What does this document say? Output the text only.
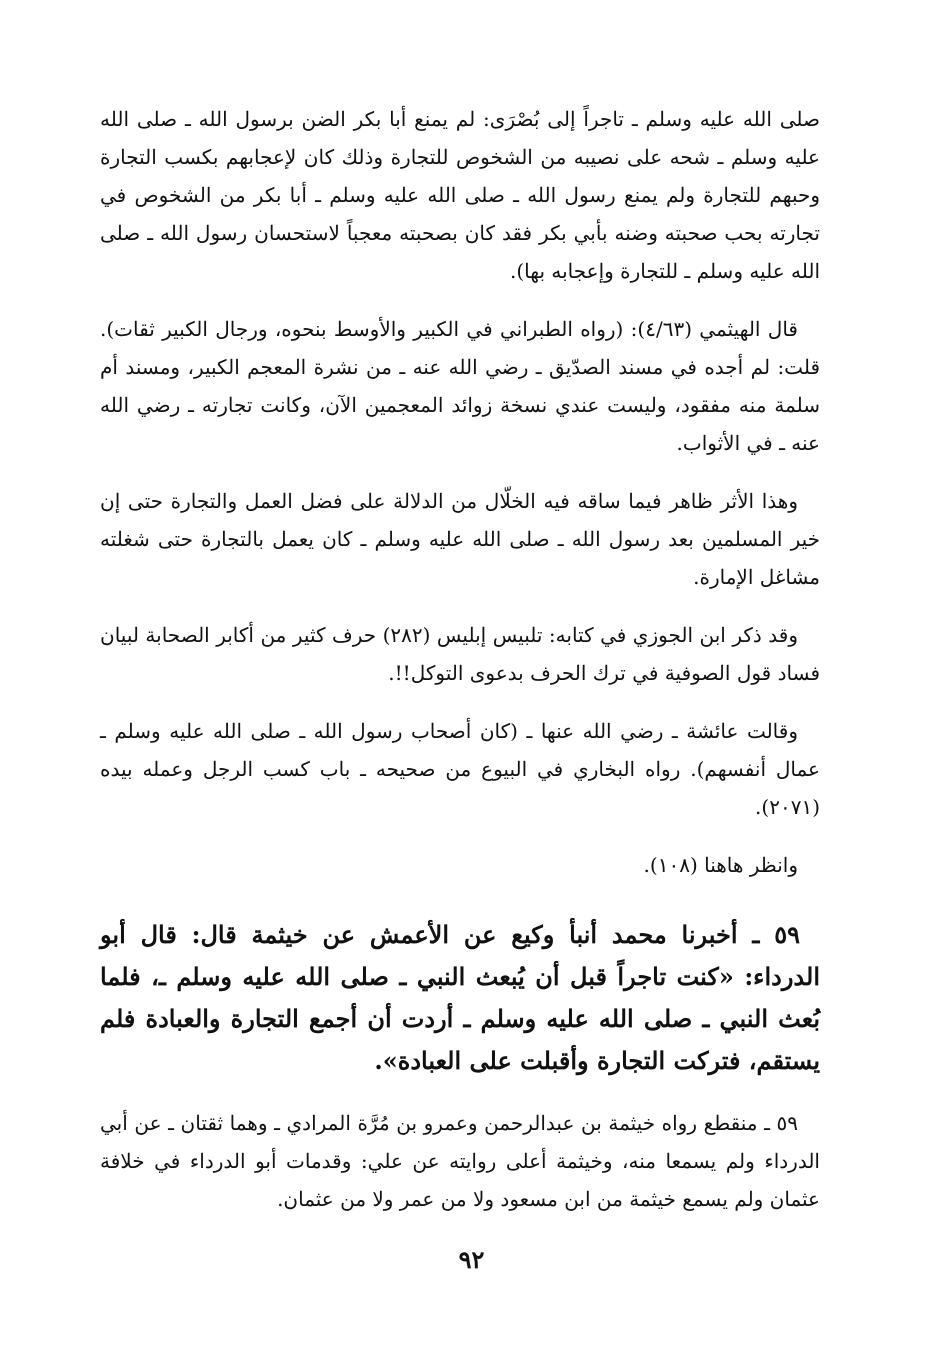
صلى الله عليه وسلم ـ تاجراً إلى بُصْرَى: لم يمنع أبا بكر الضن برسول الله ـ صلى الله عليه وسلم ـ شحه على نصيبه من الشخوص للتجارة وذلك كان لإعجابهم بكسب التجارة وحبهم للتجارة ولم يمنع رسول الله ـ صلى الله عليه وسلم ـ أبا بكر من الشخوص في تجارته بحب صحبته وضنه بأبي بكر فقد كان بصحبته معجباً لاستحسان رسول الله ـ صلى الله عليه وسلم ـ للتجارة وإعجابه بها).

قال الهيثمي (٤/٦٣): (رواه الطبراني في الكبير والأوسط بنحوه، ورجال الكبير ثقات). قلت: لم أجده في مسند الصدّيق ـ رضي الله عنه ـ من نشرة المعجم الكبير، ومسند أم سلمة منه مفقود، وليست عندي نسخة زوائد المعجمين الآن، وكانت تجارته ـ رضي الله عنه ـ في الأثواب.

وهذا الأثر ظاهر فيما ساقه فيه الخلّال من الدلالة على فضل العمل والتجارة حتى إن خير المسلمين بعد رسول الله ـ صلى الله عليه وسلم ـ كان يعمل بالتجارة حتى شغلته مشاغل الإمارة.

وقد ذكر ابن الجوزي في كتابه: تلبيس إبليس (٢٨٢) حرف كثير من أكابر الصحابة لبيان فساد قول الصوفية في ترك الحرف بدعوى التوكل!!.

وقالت عائشة ـ رضي الله عنها ـ (كان أصحاب رسول الله ـ صلى الله عليه وسلم ـ عمال أنفسهم). رواه البخاري في البيوع من صحيحه ـ باب كسب الرجل وعمله بيده (٢٠٧١).

وانظر هاهنا (١٠٨).

٥٩ ـ أخبرنا محمد أنبأ وكيع عن الأعمش عن خيثمة قال: قال أبو الدرداء: «كنت تاجراً قبل أن يُبعث النبي ـ صلى الله عليه وسلم ـ، فلما بُعث النبي ـ صلى الله عليه وسلم ـ أردت أن أجمع التجارة والعبادة فلم يستقم، فتركت التجارة وأقبلت على العبادة».

٥٩ ـ منقطع رواه خيثمة بن عبدالرحمن وعمرو بن مُرَّة المرادي ـ وهما ثقتان ـ عن أبي الدرداء ولم يسمعا منه، وخيثمة أعلى روايته عن علي: وقدمات أبو الدرداء في خلافة عثمان ولم يسمع خيثمة من ابن مسعود ولا من عمر ولا من عثمان.

٩٢
